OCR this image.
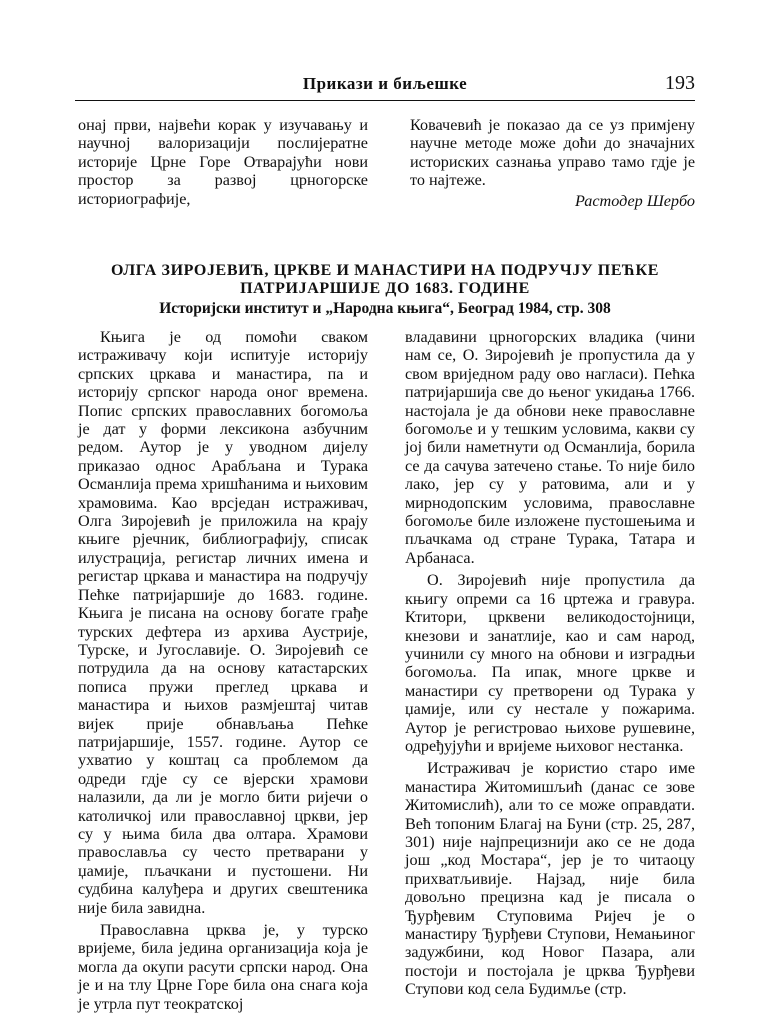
Прикази и биљешке	193

онај први, највећи корак у изучавању и научној валоризацији послијератне историје Црне Горе Отварајући нови простор за развој црногорске историографије,

Ковачевић је показао да се уз примјену научне методе може доћи до значајних историских сазнања управо тамо гдје је то најтеже.

Растодер Шербо

ОЛГА ЗИРОЈЕВИЋ, ЦРКВЕ И МАНАСТИРИ НА ПОДРУЧЈУ ПЕЋКЕ ПАТРИЈАРШИЈЕ ДО 1683. ГОДИНЕ
Историјски институт и „Народна књига“, Београд 1984, стр. 308

Књига је од помоћи сваком истраживачу који испитује историју српских цркава и манастира, па и историју српског народа оног времена. Попис српских православних богомоља је дат у форми лексикона азбучним редом. Аутор је у уводном дијелу приказао однос Арабљана и Турака Османлија према хришћанима и њиховим храмовима. Као врсједан истраживач, Олга Зиројевић је приложила на крају књиге рјечник, библиографију, списак илустрација, регистар личних имена и регистар цркава и манастира на подручју Пећке патријаршије до 1683. године. Књига је писана на основу богате грађе турских дефтера из архива Аустрије, Турске, и Југославије. О. Зиројевић се потрудила да на основу катастарских пописа пружи преглед цркава и манастира и њихов размјештај читав вијек прије обнављања Пећке патријаршије, 1557. године. Аутор се ухватио у коштац са проблемом да одреди гдје су се вјерски храмови налазили, да ли је могло бити ријечи о католичкој или православној цркви, јер су у њима била два олтара. Храмови православља су често претварани у џамије, пљачкани и пустошени. Ни судбина калуђера и других свештеника није била завидна.

Православна црква је, у турско вријеме, била једина организација која је могла да окупи расути српски народ. Она је и на тлу Црне Горе била она снага која је утрла пут теократској

владавини црногорских владика (чини нам се, О. Зиројевић је пропустила да у свом вриједном раду ово нагласи). Пећка патријаршија све до њеног укидања 1766. настојала је да обнови неке православне богомоље и у тешким условима, какви су јој били наметнути од Османлија, борила се да сачува затечено стање. То није било лако, јер су у ратовима, али и у мирнодопским условима, православне богомоље биле изложене пустошењима и пљачкама од стране Турака, Татара и Арбанаса.

О. Зиројевић није пропустила да књигу опреми са 16 цртежа и гравура. Ктитори, црквени великодостојници, кнезови и занатлије, као и сам народ, учинили су много на обнови и изградњи богомоља. Па ипак, многе цркве и манастири су претворени од Турака у џамије, или су нестале у пожарима. Аутор је регистровао њихове рушевине, одређујући и вријеме њиховог нестанка.

Истраживач је користио старо име манастира Житомишљић (данас се зове Житомислић), али то се може оправдати. Већ топоним Благај на Буни (стр. 25, 287, 301) није најпрецизнији ако се не дода још „код Мостара“, јер је то читаоцу прихватљивије. Најзад, није била довољно прецизна кад је писала о Ђурђевим Ступовима Ријеч је о манастиру Ђурђеви Ступови, Немањиног задужбини, код Новог Пазара, али постоји и постојала је црква Ђурђеви Ступови код села Будимље (стр.
